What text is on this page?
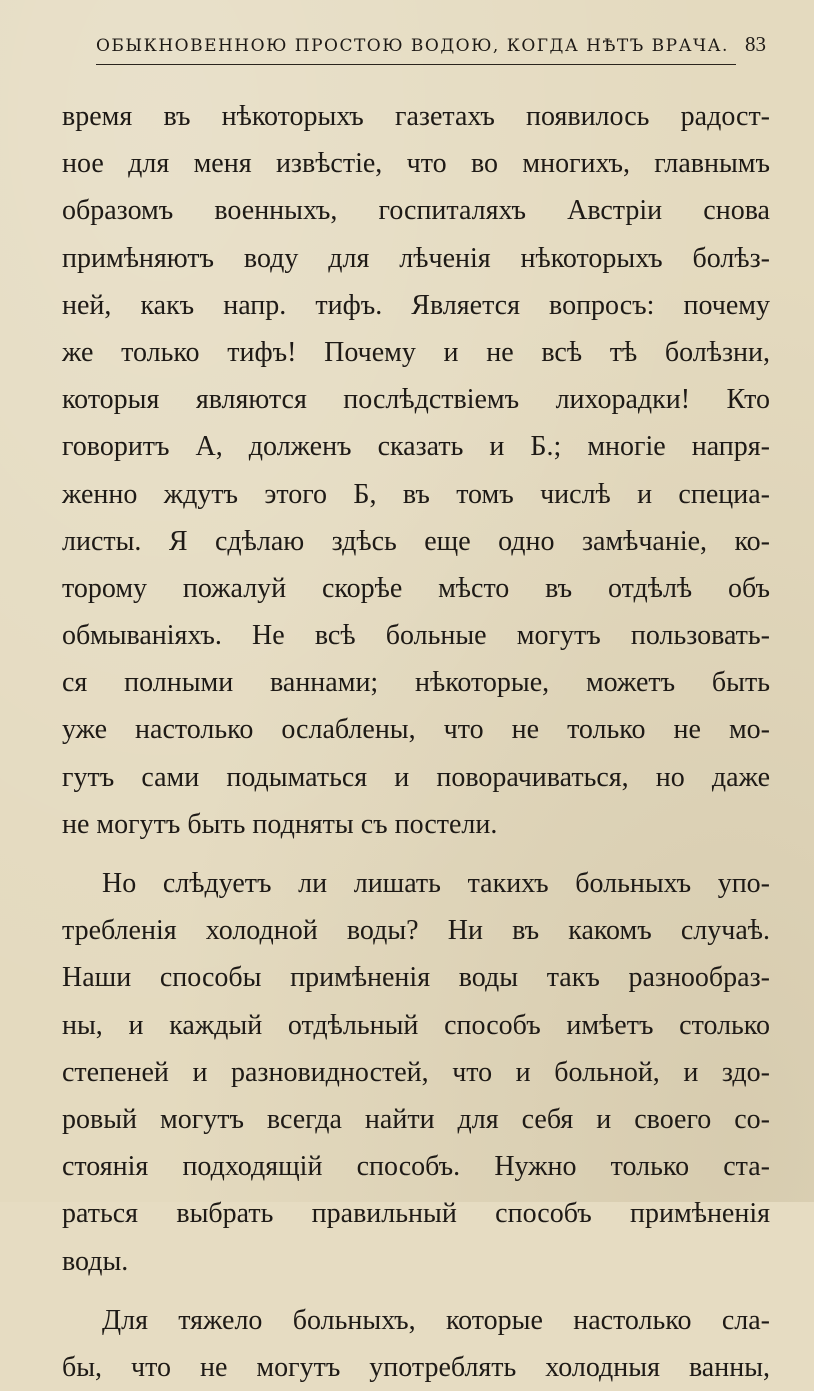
ОБЫКНОВЕННОЮ ПРОСТОЮ ВОДОЮ, КОГДА НѢТЪ ВРАЧА. 83
время въ нѣкоторыхъ газетахъ появилось радост-
ное для меня извѣстіе, что во многихъ, главнымъ
образомъ военныхъ, госпиталяхъ Австріи снова
примѣняютъ воду для лѣченія нѣкоторыхъ болѣз-
ней, какъ напр. тифъ. Является вопросъ: почему
же только тифъ! Почему и не всѣ тѣ болѣзни,
которыя являются послѣдствіемъ лихорадки! Кто
говоритъ А, долженъ сказать и Б.; многіе напря-
женно ждутъ этого Б, въ томъ числѣ и специа-
листы. Я сдѣлаю здѣсь еще одно замѣчаніе, ко-
торому пожалуй скорѣе мѣсто въ отдѣлѣ объ
обмываніяхъ. Не всѣ больные могутъ пользовать-
ся полными ваннами; нѣкоторые, можетъ быть
уже настолько ослаблены, что не только не мо-
гутъ сами подыматься и поворачиваться, но даже
не могутъ быть подняты съ постели.
Но слѣдуетъ ли лишать такихъ больныхъ упо-
требленія холодной воды? Ни въ какомъ случаѣ.
Наши способы примѣненія воды такъ разнообраз-
ны, и каждый отдѣльный способъ имѣетъ столько
степеней и разновидностей, что и больной, и здо-
ровый могутъ всегда найти для себя и своего со-
стоянія подходящій способъ. Нужно только ста-
раться выбрать правильный способъ примѣненія
воды.
Для тяжело больныхъ, которые настолько сла-
бы, что не могутъ употреблять холодныя ванны,
